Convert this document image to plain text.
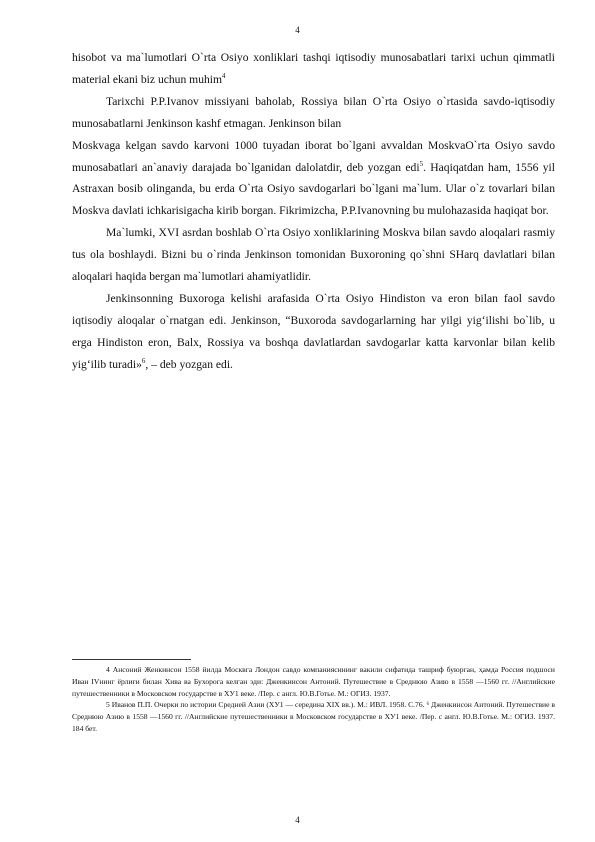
4

hisobot va ma`lumotlari O`rta Osiyo xonliklari tashqi iqtisodiy munosabatlari tarixi uchun qimmatli material ekani biz uchun muhim$^4$

Tarixchi P.P.Ivanov missiyani baholab, Rossiya bilan O`rta Osiyo o`rtasida savdo-iqtisodiy munosabatlarni Jenkinson kashf etmagan. Jenkinson bilan

Moskvaga kelgan savdo karvoni 1000 tuyadan iborat bo`lgani avvaldan MoskvaO`rta Osiyo savdo munosabatlari an`anaviy darajada bo`lganidan dalolatdir, deb yozgan edi$^5$. Haqiqatdan ham, 1556 yil Astraxan bosib olinganda, bu erda O`rta Osiyo savdogarlari bo`lgani ma`lum. Ular o`z tovarlari bilan Moskva davlati ichkarisigacha kirib borgan. Fikrimizcha, P.P.Ivanovning bu mulohazasida haqiqat bor.

Ma`lumki, XVI asrdan boshlab O`rta Osiyo xonliklarining Moskva bilan savdo aloqalari rasmiy tus ola boshlaydi. Bizni bu o`rinda Jenkinson tomonidan Buxoroning qo`shni SHarq davlatlari bilan aloqalari haqida bergan ma`lumotlari ahamiyatlidir.

Jenkinsonning Buxoroga kelishi arafasida O`rta Osiyo Hindiston va eron bilan faol savdo iqtisodiy aloqalar o`rnatgan edi. Jenkinson, “Buxoroda savdogarlarning har yilgi yig‘ilishi bo`lib, u erga Hindiston eron, Balx, Rossiya va boshqa davlatlardan savdogarlar katta karvonlar bilan kelib yig‘ilib turadi»$^6$, – deb yozgan edi.

4 Ансоний Женкинсон 1558 йилда Москвга Лондон савдо компаниясининг вакили сифатида ташриф буюрган, ҳамда Россия подшоси Иван IVнинг ёрлиғи билан Хива ва Бухорога келган эди: Дженкинсон Антоний. Путешествие в Среднюю Азию в 1558 —1560 гг. //Английские путешественники в Московском государстве в XУ1 веке. /Пер. с англ. Ю.В.Готье. М.: ОГИЗ. 1937.

5 Иванов П.П. Очерки по истории Средней Азии (XУ1 — середина XIX вв.). М.: ИВЛ. 1958. С.76. ⁶ Дженкинсон Антоний. Путешествие в Среднюю Азию в 1558 —1560 гг. //Английские путешественники в Московском государстве в XУ1 веке. /Пер. с англ. Ю.В.Готье. М.: ОГИЗ. 1937. 184 бет.

4
